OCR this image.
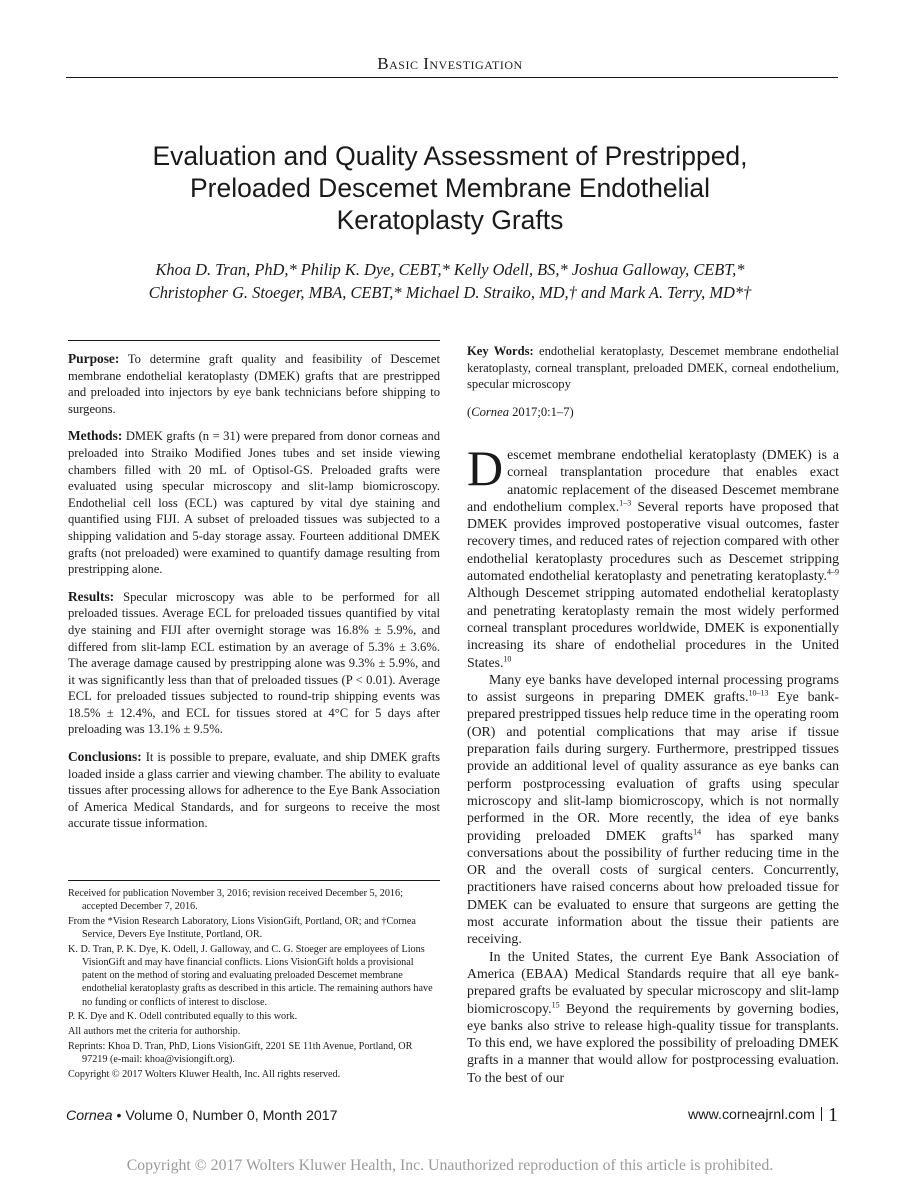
Basic Investigation
Evaluation and Quality Assessment of Prestripped,
Preloaded Descemet Membrane Endothelial
Keratoplasty Grafts
Khoa D. Tran, PhD,* Philip K. Dye, CEBT,* Kelly Odell, BS,* Joshua Galloway, CEBT,*
Christopher G. Stoeger, MBA, CEBT,* Michael D. Straiko, MD,† and Mark A. Terry, MD*†

Purpose: To determine graft quality and feasibility of Descemet membrane endothelial keratoplasty (DMEK) grafts that are prestripped and preloaded into injectors by eye bank technicians before shipping to surgeons.

Methods: DMEK grafts (n = 31) were prepared from donor corneas and preloaded into Straiko Modified Jones tubes and set inside viewing chambers filled with 20 mL of Optisol-GS. Preloaded grafts were evaluated using specular microscopy and slit-lamp biomicroscopy. Endothelial cell loss (ECL) was captured by vital dye staining and quantified using FIJI. A subset of preloaded tissues was subjected to a shipping validation and 5-day storage assay. Fourteen additional DMEK grafts (not preloaded) were examined to quantify damage resulting from prestripping alone.

Results: Specular microscopy was able to be performed for all preloaded tissues. Average ECL for preloaded tissues quantified by vital dye staining and FIJI after overnight storage was 16.8% ± 5.9%, and differed from slit-lamp ECL estimation by an average of 5.3% ± 3.6%. The average damage caused by prestripping alone was 9.3% ± 5.9%, and it was significantly less than that of preloaded tissues (P < 0.01). Average ECL for preloaded tissues subjected to round-trip shipping events was 18.5% ± 12.4%, and ECL for tissues stored at 4°C for 5 days after preloading was 13.1% ± 9.5%.

Conclusions: It is possible to prepare, evaluate, and ship DMEK grafts loaded inside a glass carrier and viewing chamber. The ability to evaluate tissues after processing allows for adherence to the Eye Bank Association of America Medical Standards, and for surgeons to receive the most accurate tissue information.

Received for publication November 3, 2016; revision received December 5, 2016; accepted December 7, 2016.

From the *Vision Research Laboratory, Lions VisionGift, Portland, OR; and †Cornea Service, Devers Eye Institute, Portland, OR.

K. D. Tran, P. K. Dye, K. Odell, J. Galloway, and C. G. Stoeger are employees of Lions VisionGift and may have financial conflicts. Lions VisionGift holds a provisional patent on the method of storing and evaluating preloaded Descemet membrane endothelial keratoplasty grafts as described in this article. The remaining authors have no funding or conflicts of interest to disclose.

P. K. Dye and K. Odell contributed equally to this work.

All authors met the criteria for authorship.

Reprints: Khoa D. Tran, PhD, Lions VisionGift, 2201 SE 11th Avenue, Portland, OR 97219 (e-mail: khoa@visiongift.org).

Copyright © 2017 Wolters Kluwer Health, Inc. All rights reserved.

Key Words: endothelial keratoplasty, Descemet membrane endothelial keratoplasty, corneal transplant, preloaded DMEK, corneal endothelium, specular microscopy

(Cornea 2017;0:1–7)

Descemet membrane endothelial keratoplasty (DMEK) is a corneal transplantation procedure that enables exact anatomic replacement of the diseased Descemet membrane and endothelium complex.$^{1-3}$ Several reports have proposed that DMEK provides improved postoperative visual outcomes, faster recovery times, and reduced rates of rejection compared with other endothelial keratoplasty procedures such as Descemet stripping automated endothelial keratoplasty and penetrating keratoplasty.$^{4-9}$ Although Descemet stripping automated endothelial keratoplasty and penetrating keratoplasty remain the most widely performed corneal transplant procedures worldwide, DMEK is exponentially increasing its share of endothelial procedures in the United States.$^{10}$

Many eye banks have developed internal processing programs to assist surgeons in preparing DMEK grafts.$^{10-13}$ Eye bank-prepared prestripped tissues help reduce time in the operating room (OR) and potential complications that may arise if tissue preparation fails during surgery. Furthermore, prestripped tissues provide an additional level of quality assurance as eye banks can perform postprocessing evaluation of grafts using specular microscopy and slit-lamp biomicroscopy, which is not normally performed in the OR. More recently, the idea of eye banks providing preloaded DMEK grafts$^{14}$ has sparked many conversations about the possibility of further reducing time in the OR and the overall costs of surgical centers. Concurrently, practitioners have raised concerns about how preloaded tissue for DMEK can be evaluated to ensure that surgeons are getting the most accurate information about the tissue their patients are receiving.

In the United States, the current Eye Bank Association of America (EBAA) Medical Standards require that all eye bank-prepared grafts be evaluated by specular microscopy and slit-lamp biomicroscopy.$^{15}$ Beyond the requirements by governing bodies, eye banks also strive to release high-quality tissue for transplants. To this end, we have explored the possibility of preloading DMEK grafts in a manner that would allow for postprocessing evaluation. To the best of our

Cornea • Volume 0, Number 0, Month 2017	www.corneajrnl.com 1
Copyright © 2017 Wolters Kluwer Health, Inc. Unauthorized reproduction of this article is prohibited.
